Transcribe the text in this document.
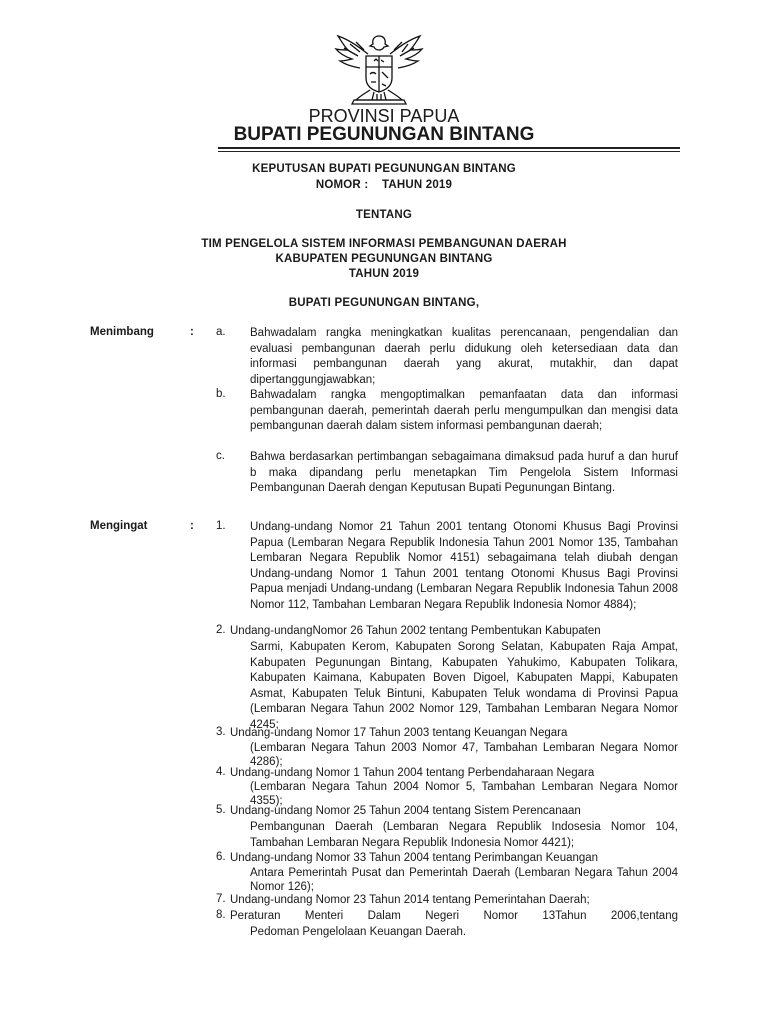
PROVINSI PAPUA
BUPATI PEGUNUNGAN BINTANG
KEPUTUSAN BUPATI PEGUNUNGAN BINTANG
NOMOR :    TAHUN 2019
TENTANG
TIM PENGELOLA SISTEM INFORMASI PEMBANGUNAN DAERAH
KABUPATEN PEGUNUNGAN BINTANG
TAHUN 2019
BUPATI PEGUNUNGAN BINTANG,
Menimbang	: a. Bahwadalam rangka meningkatkan kualitas perencanaan, pengendalian dan evaluasi pembangunan daerah perlu didukung oleh ketersediaan data dan informasi pembangunan daerah yang akurat, mutakhir, dan dapat dipertanggungjawabkan;

b. Bahwadalam rangka mengoptimalkan pemanfaatan data dan informasi pembangunan daerah, pemerintah daerah perlu mengumpulkan dan mengisi data pembangunan daerah dalam sistem informasi pembangunan daerah;

c. Bahwa berdasarkan pertimbangan sebagaimana dimaksud pada huruf a dan huruf b maka dipandang perlu menetapkan Tim Pengelola Sistem Informasi Pembangunan Daerah dengan Keputusan Bupati Pegunungan Bintang.

Mengingat	: 1. Undang-undang Nomor 21 Tahun 2001 tentang Otonomi Khusus Bagi Provinsi Papua (Lembaran Negara Republik Indonesia Tahun 2001 Nomor 135, Tambahan Lembaran Negara Republik Nomor 4151) sebagaimana telah diubah dengan Undang-undang Nomor 1 Tahun 2001 tentang Otonomi Khusus Bagi Provinsi Papua menjadi Undang-undang (Lembaran Negara Republik Indonesia Tahun 2008 Nomor 112, Tambahan Lembaran Negara Republik Indonesia Nomor 4884);

2. Undang-undangNomor 26 Tahun 2002 tentang Pembentukan Kabupaten

Sarmi, Kabupaten Kerom, Kabupaten Sorong Selatan, Kabupaten Raja Ampat, Kabupaten Pegunungan Bintang, Kabupaten Yahukimo, Kabupaten Tolikara, Kabupaten Kaimana, Kabupaten Boven Digoel, Kabupaten Mappi, Kabupaten Asmat, Kabupaten Teluk Bintuni, Kabupaten Teluk wondama di Provinsi Papua (Lembaran Negara Tahun 2002 Nomor 129, Tambahan Lembaran Negara Nomor 4245;

3. Undang-undang Nomor 17 Tahun 2003 tentang Keuangan Negara

(Lembaran Negara Tahun 2003 Nomor 47, Tambahan Lembaran Negara Nomor 4286);

4. Undang-undang Nomor 1 Tahun 2004 tentang Perbendaharaan Negara

(Lembaran Negara Tahun 2004 Nomor 5, Tambahan Lembaran Negara Nomor 4355);

5. Undang-undang Nomor 25 Tahun 2004 tentang Sistem Perencanaan

Pembangunan Daerah (Lembaran Negara Republik Indosesia Nomor 104, Tambahan Lembaran Negara Republik Indonesia Nomor 4421);

6. Undang-undang Nomor 33 Tahun 2004 tentang Perimbangan Keuangan

Antara Pemerintah Pusat dan Pemerintah Daerah (Lembaran Negara Tahun 2004 Nomor 126);

7. Undang-undang Nomor 23 Tahun 2014 tentang Pemerintahan Daerah;

8. Peraturan Menteri Dalam Negeri Nomor 13Tahun 2006,tentang

Pedoman Pengelolaan Keuangan Daerah.
